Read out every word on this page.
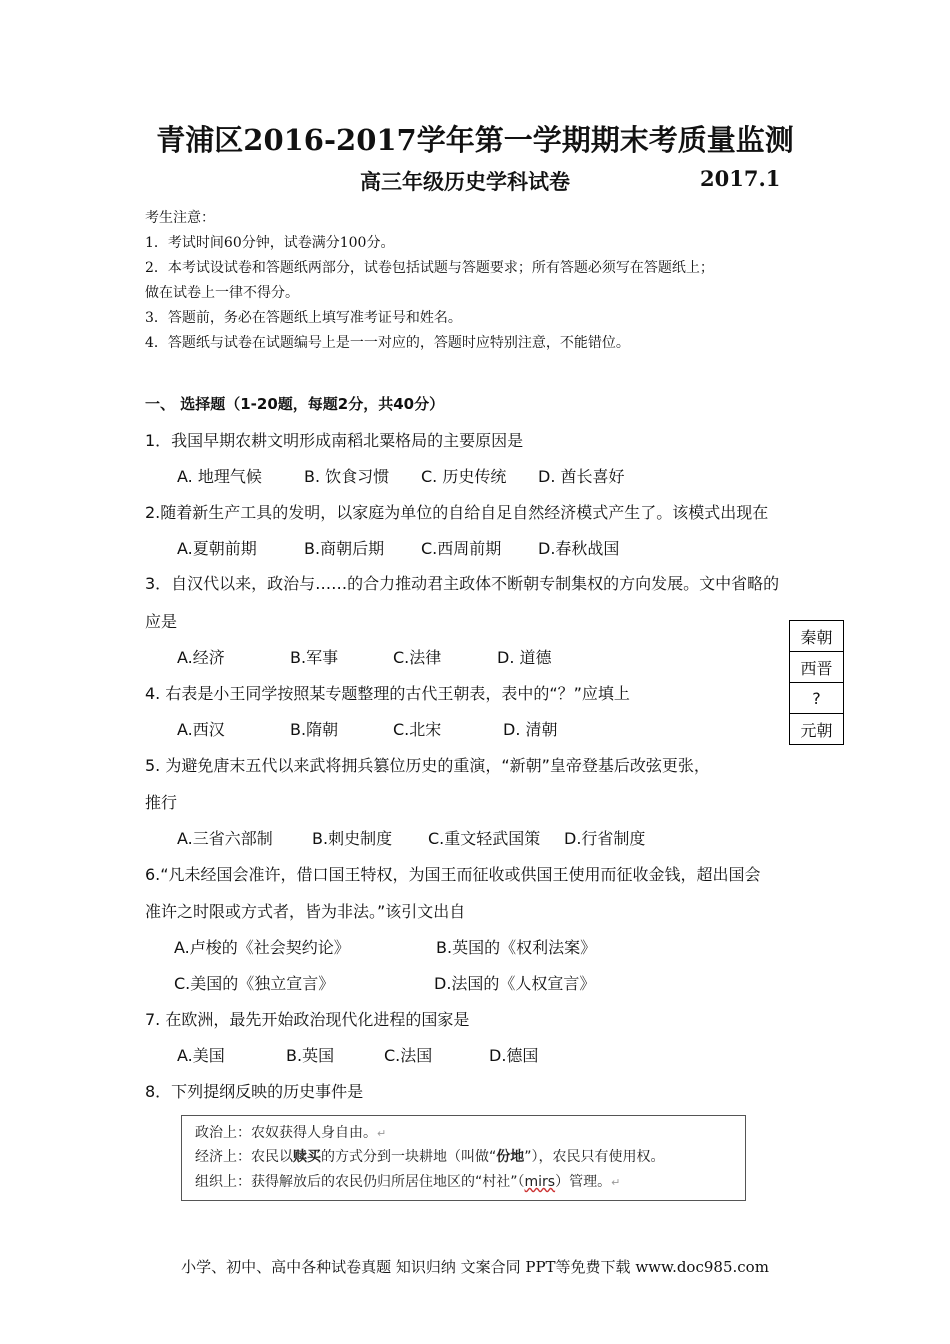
青浦区2016-2017学年第一学期期末考质量监测
高三年级历史学科试卷	2017.1
考生注意：
1．考试时间60分钟，试卷满分100分。
2．本考试设试卷和答题纸两部分，试卷包括试题与答题要求；所有答题必须写在答题纸上；
做在试卷上一律不得分。
3．答题前，务必在答题纸上填写准考证号和姓名。
4．答题纸与试卷在试题编号上是一一对应的，答题时应特别注意，不能错位。
一、 选择题（1-20题，每题2分，共40分）
1．我国早期农耕文明形成南稻北粟格局的主要原因是
A. 地理气候	B. 饮食习惯 C. 历史传统 D. 酋长喜好
2.随着新生产工具的发明，以家庭为单位的自给自足自然经济模式产生了。该模式出现在
A.夏朝前期	B.商朝后期 C.西周前期 D.春秋战国
3．自汉代以来，政治与……的合力推动君主政体不断朝专制集权的方向发展。文中省略的
应是
A.经济	B.军事	C.法律	D. 道德
秦朝
西晋
?
元朝
4. 右表是小王同学按照某专题整理的古代王朝表，表中的“？”应填上
A.西汉	B.隋朝	C.北宋	D. 清朝
5. 为避免唐末五代以来武将拥兵篡位历史的重演，“新朝”皇帝登基后改弦更张，
推行
A.三省六部制 B.刺史制度 C.重文轻武国策 D.行省制度
6.“凡未经国会准许，借口国王特权，为国王而征收或供国王使用而征收金钱，超出国会
准许之时限或方式者，皆为非法。”该引文出自
A.卢梭的《社会契约论》	B.英国的《权利法案》
C.美国的《独立宣言》	D.法国的《人权宣言》
7. 在欧洲，最先开始政治现代化进程的国家是
A.美国	B.英国	C.法国	D.德国
8．下列提纲反映的历史事件是
政治上：农奴获得人身自由。↵
经济上：农民以赎买的方式分到一块耕地（叫做“份地”），农民只有使用权。
组织上：获得解放后的农民仍归所居住地区的“村社”（mirs）管理。↵
小学、初中、高中各种试卷真题 知识归纳 文案合同 PPT等免费下载 www.doc985.com
